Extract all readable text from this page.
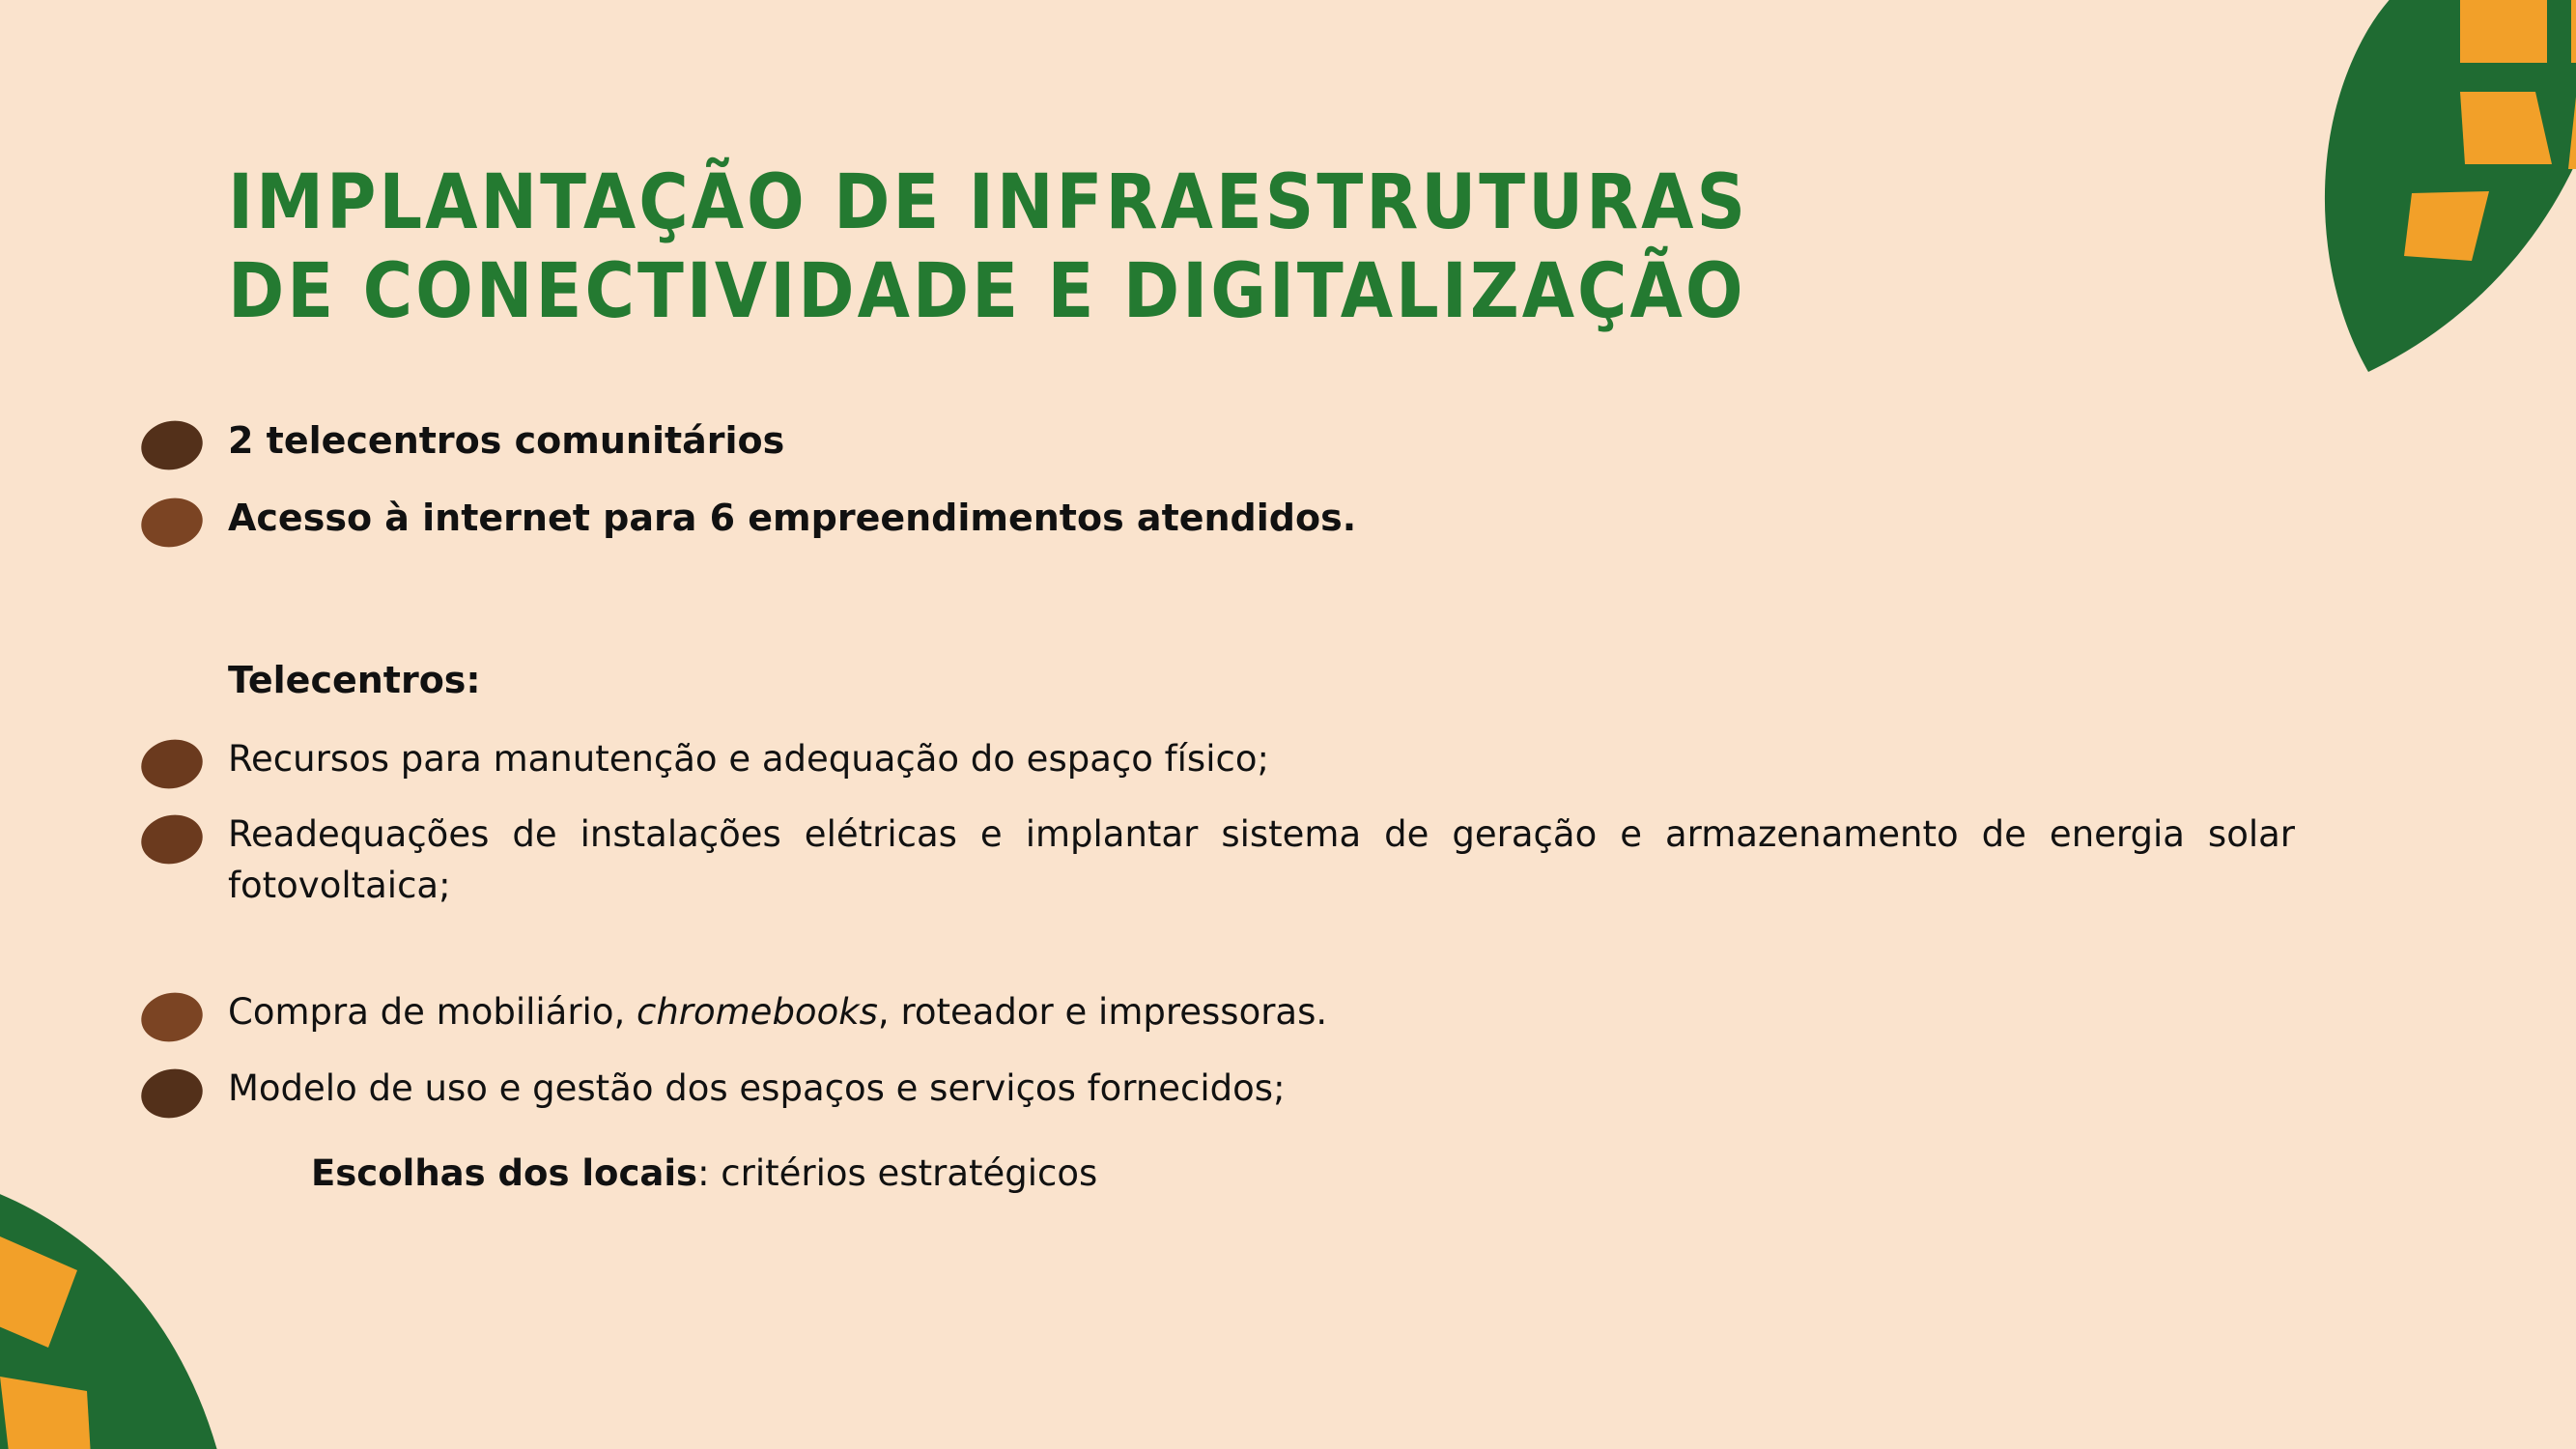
IMPLANTAÇÃO DE INFRAESTRUTURAS
DE CONECTIVIDADE E DIGITALIZAÇÃO
2 telecentros comunitários
Acesso à internet para 6 empreendimentos atendidos.
Telecentros:
Recursos para manutenção e adequação do espaço físico;
Readequações de instalações elétricas e implantar sistema de geração e armazenamento de energia solar fotovoltaica;
Compra de mobiliário, chromebooks, roteador e impressoras.
Modelo de uso e gestão dos espaços e serviços fornecidos;
Escolhas dos locais: critérios estratégicos
